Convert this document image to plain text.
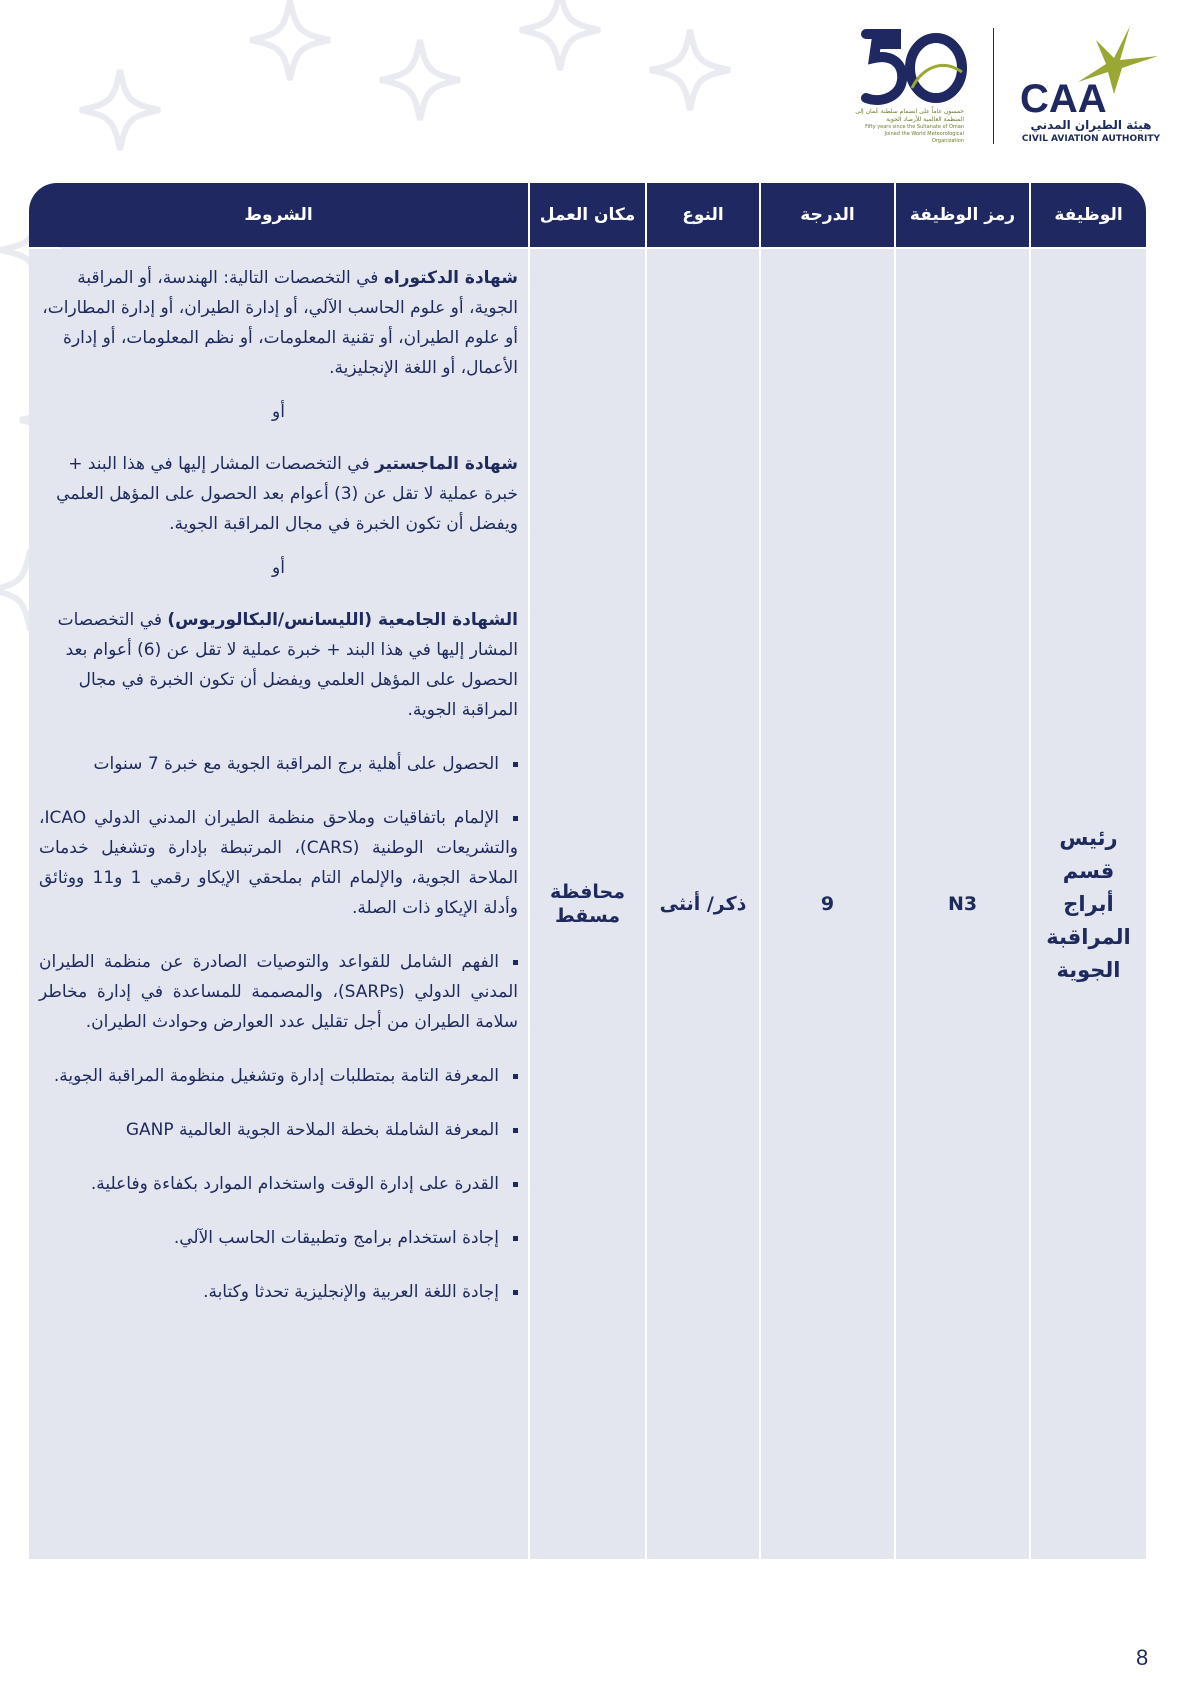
خمسون عاماً على انضمام سلطنة عُمان إلى المنظمة العالمية للأرصاد الجوية
Fifty years since the Sultanate of Oman Joined the World Meteorological Organization
CAA
هيئة الطيران المدني
CIVIL AVIATION AUTHORITY
الوظيفة
رمز الوظيفة
الدرجة
النوع
مكان العمل
الشروط
رئيس قسم أبراج المراقبة الجوية
N3
9
ذكر/ أنثى
محافظة مسقط

شهادة الدكتوراه في التخصصات التالية: الهندسة، أو المراقبة الجوية، أو علوم الحاسب الآلي، أو إدارة الطيران، أو إدارة المطارات، أو علوم الطيران، أو تقنية المعلومات، أو نظم المعلومات، أو إدارة الأعمال، أو اللغة الإنجليزية.

أو

شهادة الماجستير في التخصصات المشار إليها في هذا البند + خبرة عملية لا تقل عن (3) أعوام بعد الحصول على المؤهل العلمي ويفضل أن تكون الخبرة في مجال المراقبة الجوية.

أو

الشهادة الجامعية (الليسانس/البكالوريوس) في التخصصات المشار إليها في هذا البند + خبرة عملية لا تقل عن (6) أعوام بعد الحصول على المؤهل العلمي ويفضل أن تكون الخبرة في مجال المراقبة الجوية.

الحصول على أهلية برج المراقبة الجوية مع خبرة 7 سنوات
الإلمام باتفاقيات وملاحق منظمة الطيران المدني الدولي ICAO، والتشريعات الوطنية (CARS)، المرتبطة بإدارة وتشغيل خدمات الملاحة الجوية، والإلمام التام بملحقي الإيكاو رقمي 1 و11 ووثائق وأدلة الإيكاو ذات الصلة.
الفهم الشامل للقواعد والتوصيات الصادرة عن منظمة الطيران المدني الدولي (SARPs)، والمصممة للمساعدة في إدارة مخاطر سلامة الطيران من أجل تقليل عدد العوارض وحوادث الطيران.
المعرفة التامة بمتطلبات إدارة وتشغيل منظومة المراقبة الجوية.
المعرفة الشاملة بخطة الملاحة الجوية العالمية GANP
القدرة على إدارة الوقت واستخدام الموارد بكفاءة وفاعلية.
إجادة استخدام برامج وتطبيقات الحاسب الآلي.
إجادة اللغة العربية والإنجليزية تحدثا وكتابة.
8
